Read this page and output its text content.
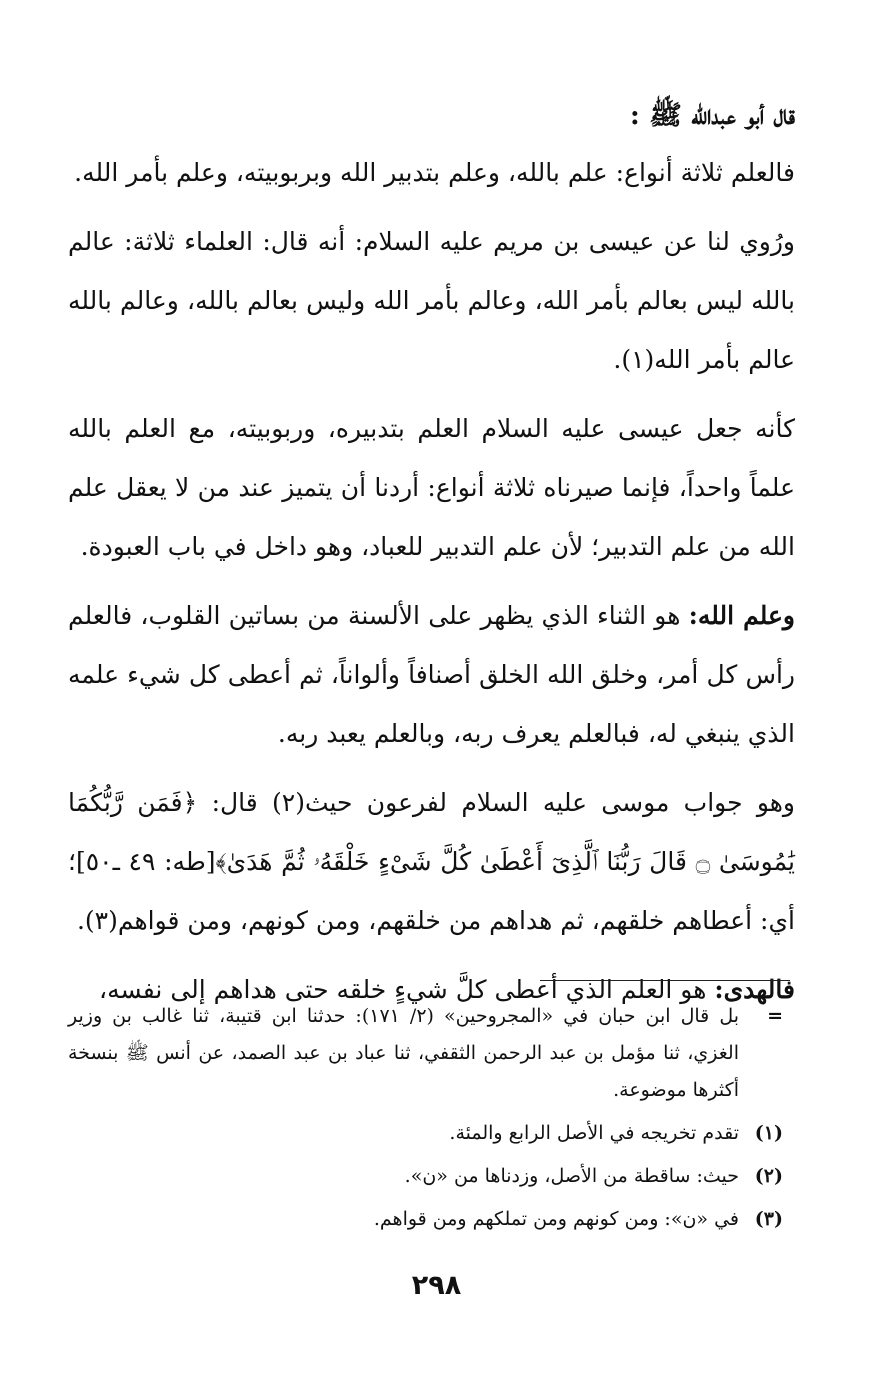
قال أبو عبدالله ﷺ :

فالعلم ثلاثة أنواع: علم بالله، وعلم بتدبير الله وبربوبيته، وعلم بأمر الله.

ورُوي لنا عن عيسى بن مريم عليه السلام: أنه قال: العلماء ثلاثة: عالم بالله ليس بعالم بأمر الله، وعالم بأمر الله وليس بعالم بالله، وعالم بالله عالم بأمر الله(١).

كأنه جعل عيسى عليه السلام العلم بتدبيره، وربوبيته، مع العلم بالله علماً واحداً، فإنما صيرناه ثلاثة أنواع: أردنا أن يتميز عند من لا يعقل علم الله من علم التدبير؛ لأن علم التدبير للعباد، وهو داخل في باب العبودة.

وعلم الله: هو الثناء الذي يظهر على الألسنة من بساتين القلوب، فالعلم رأس كل أمر، وخلق الله الخلق أصنافاً وألواناً، ثم أعطى كل شيء علمه الذي ينبغي له، فبالعلم يعرف ربه، وبالعلم يعبد ربه.

وهو جواب موسى عليه السلام لفرعون حيث(٢) قال: ﴿فَمَن رَّبُّكُمَا يَٰمُوسَىٰ ۝ قَالَ رَبُّنَا ٱلَّذِىٓ أَعْطَىٰ كُلَّ شَىْءٍ خَلْقَهُۥ ثُمَّ هَدَىٰ﴾[طه: ٤٩ ـ٥٠]؛ أي: أعطاهم خلقهم، ثم هداهم من خلقهم، ومن كونهم، ومن قواهم(٣).

فالهدى: هو العلم الذي أعطى كلَّ شيءٍ خلقه حتى هداهم إلى نفسه،

=
بل قال ابن حبان في «المجروحين» (٢/ ١٧١): حدثنا ابن قتيبة، ثنا غالب بن وزير الغزي، ثنا مؤمل بن عبد الرحمن الثقفي، ثنا عباد بن عبد الصمد، عن أنس ﷺ بنسخة أكثرها موضوعة.
(١)
تقدم تخريجه في الأصل الرابع والمئة.
(٢)
حيث: ساقطة من الأصل، وزدناها من «ن».
(٣)
في «ن»: ومن كونهم ومن تملكهم ومن قواهم.
٢٩٨
